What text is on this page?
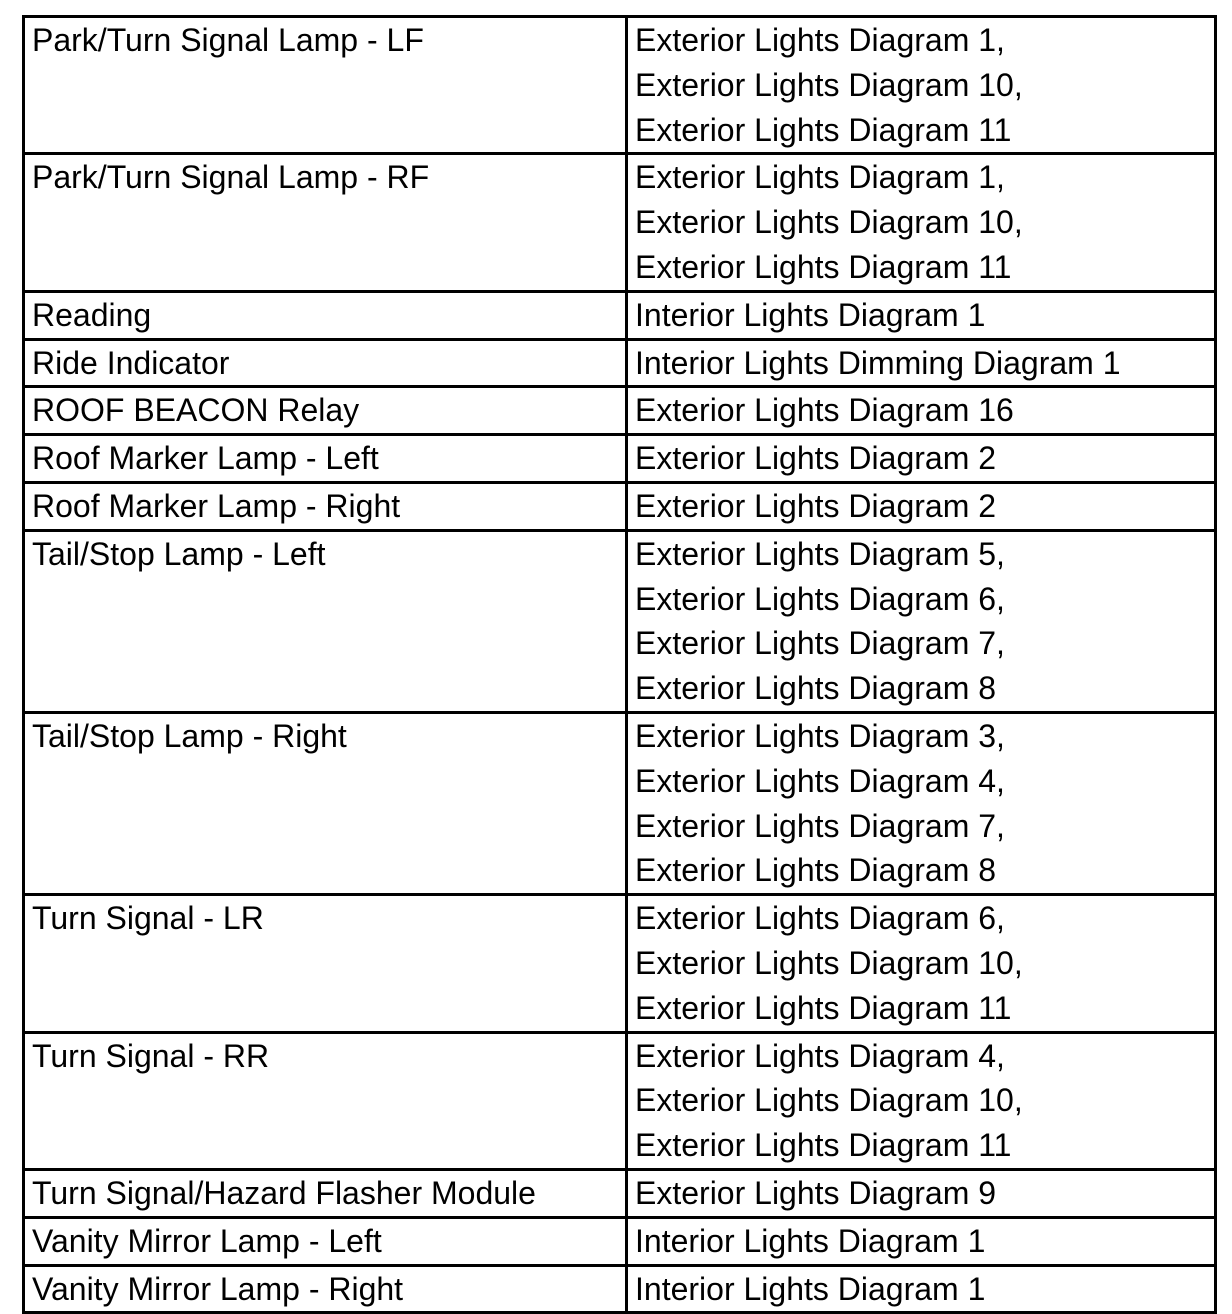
Park/Turn Signal Lamp - LF	Exterior Lights Diagram 1,
Exterior Lights Diagram 10,
Exterior Lights Diagram 11

Park/Turn Signal Lamp - RF	Exterior Lights Diagram 1,
Exterior Lights Diagram 10,
Exterior Lights Diagram 11

Reading	Interior Lights Diagram 1

Ride Indicator	Interior Lights Dimming Diagram 1

ROOF BEACON Relay	Exterior Lights Diagram 16

Roof Marker Lamp - Left	Exterior Lights Diagram 2

Roof Marker Lamp - Right	Exterior Lights Diagram 2

Tail/Stop Lamp - Left	Exterior Lights Diagram 5,
Exterior Lights Diagram 6,
Exterior Lights Diagram 7,
Exterior Lights Diagram 8

Tail/Stop Lamp - Right	Exterior Lights Diagram 3,
Exterior Lights Diagram 4,
Exterior Lights Diagram 7,
Exterior Lights Diagram 8

Turn Signal - LR	Exterior Lights Diagram 6,
Exterior Lights Diagram 10,
Exterior Lights Diagram 11

Turn Signal - RR	Exterior Lights Diagram 4,
Exterior Lights Diagram 10,
Exterior Lights Diagram 11

Turn Signal/Hazard Flasher Module	Exterior Lights Diagram 9

Vanity Mirror Lamp - Left	Interior Lights Diagram 1

Vanity Mirror Lamp - Right	Interior Lights Diagram 1
